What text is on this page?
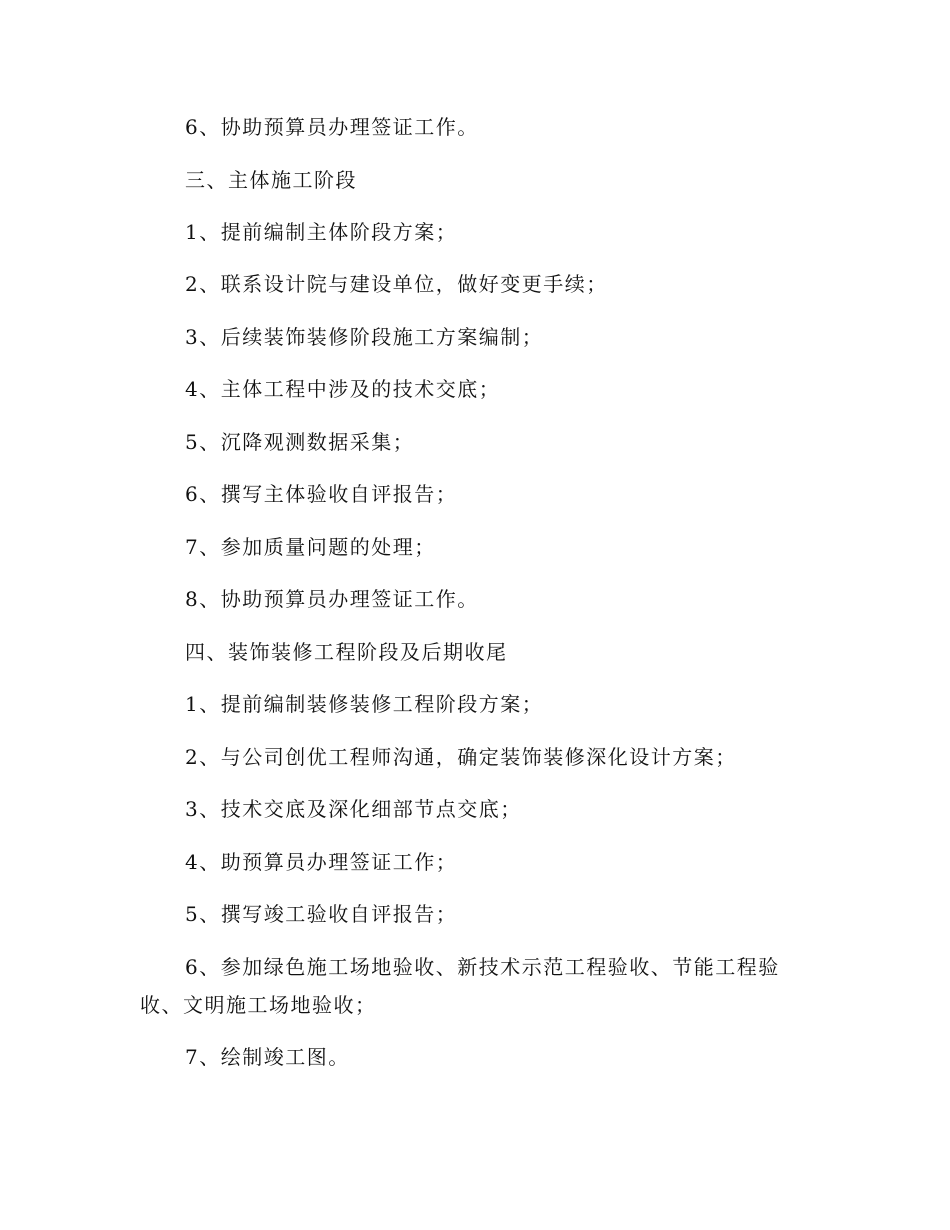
6、协助预算员办理签证工作。

三、主体施工阶段

1、提前编制主体阶段方案；

2、联系设计院与建设单位，做好变更手续；

3、后续装饰装修阶段施工方案编制；

4、主体工程中涉及的技术交底；

5、沉降观测数据采集；

6、撰写主体验收自评报告；

7、参加质量问题的处理；

8、协助预算员办理签证工作。

四、装饰装修工程阶段及后期收尾

1、提前编制装修装修工程阶段方案；

2、与公司创优工程师沟通，确定装饰装修深化设计方案；

3、技术交底及深化细部节点交底；

4、助预算员办理签证工作；

5、撰写竣工验收自评报告；

6、参加绿色施工场地验收、新技术示范工程验收、节能工程验收、文明施工场地验收；

7、绘制竣工图。
